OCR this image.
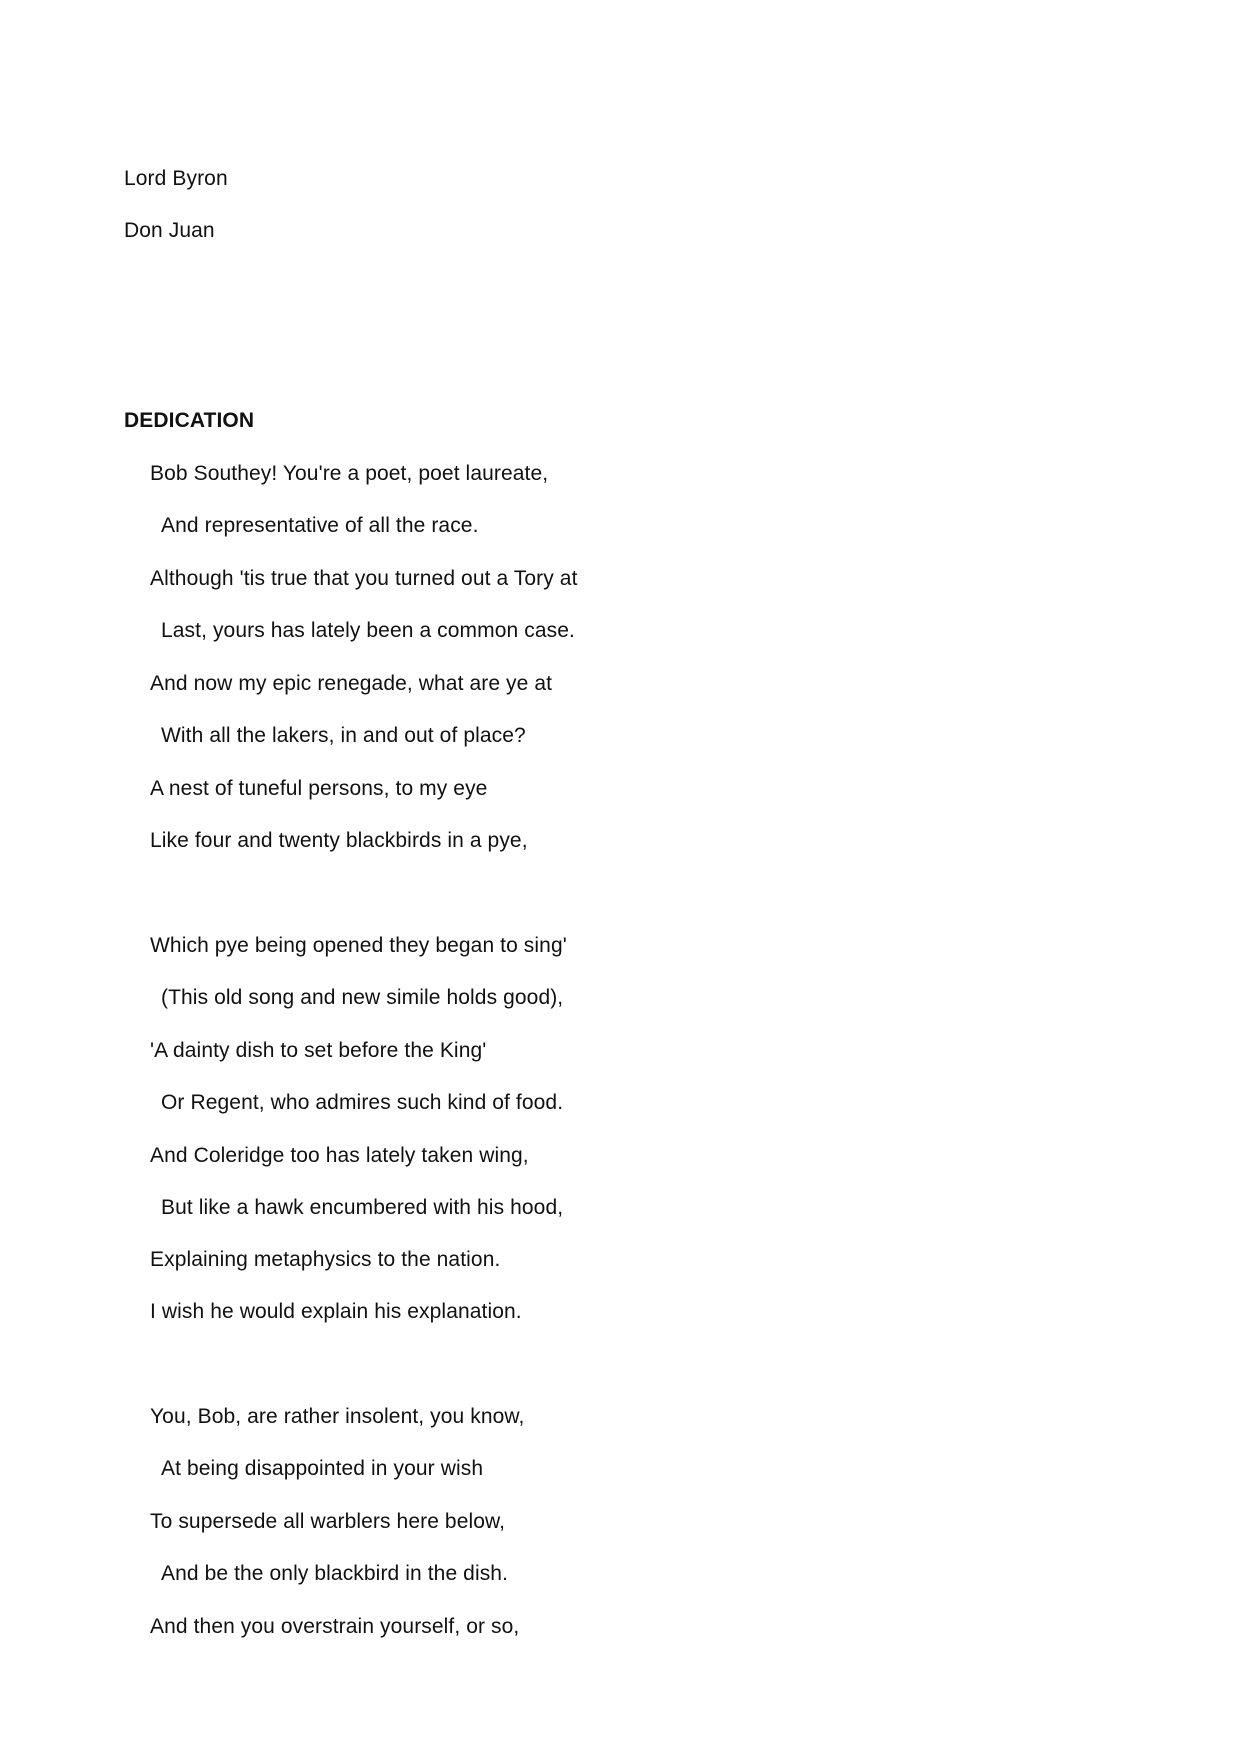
Lord Byron
Don Juan
DEDICATION
Bob Southey! You're a poet, poet laureate,
And representative of all the race.
Although 'tis true that you turned out a Tory at
Last, yours has lately been a common case.
And now my epic renegade, what are ye at
With all the lakers, in and out of place?
A nest of tuneful persons, to my eye
Like four and twenty blackbirds in a pye,
Which pye being opened they began to sing'
(This old song and new simile holds good),
'A dainty dish to set before the King'
Or Regent, who admires such kind of food.
And Coleridge too has lately taken wing,
But like a hawk encumbered with his hood,
Explaining metaphysics to the nation.
I wish he would explain his explanation.
You, Bob, are rather insolent, you know,
At being disappointed in your wish
To supersede all warblers here below,
And be the only blackbird in the dish.
And then you overstrain yourself, or so,
